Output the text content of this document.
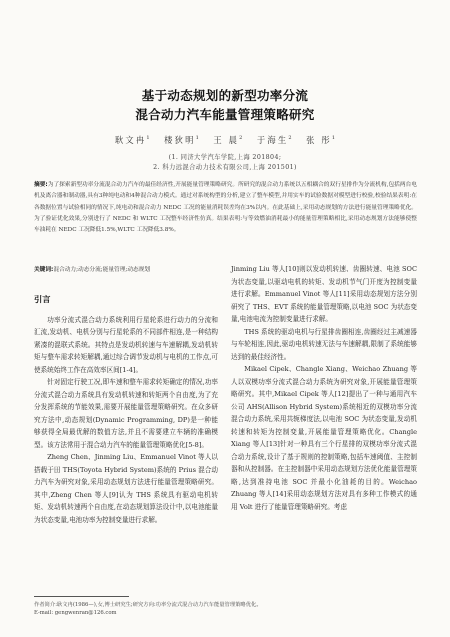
基于动态规划的新型功率分流
混合动力汽车能量管理策略研究
耿文冉$^1$ 楼狄明$^1$ 王 晨$^2$ 于海生$^2$ 张 彤$^1$
(1. 同济大学汽车学院,上海 201804;
2. 科力远混合动力技术有限公司,上海 201501)
摘要:为了探索新型功率分流混合动力汽车的最佳经济性,开展能量管理策略研究。所研究的混合动力系统以五相耦合的双行星排作为分流机构,包括两台电机及离合器和制动器,具有3种纯电动和4种混合动力模式。通过对系统构型的分析,建立了整车模型,并用实车的试验数据对模型进行校验,校验结果表明:在各数据位置与试验相同的情况下,纯电动和混合动力 NEDC 工况的能量消耗误差均在3%以内。在此基础上,采用动态规划的方法进行能量管理策略优化。为了验证优化效果,分别进行了 NEDC 和 WLTC 工况整车经济性仿真。结果表明:与等效燃油消耗最小的能量管理策略相比,采用动态规划方法能够使整车油耗在 NEDC 工况降低1.5%,WLTC 工况降低3.8%。
关键词:混合动力;动态分流;能量管理;动态规划
引言

功率分流式混合动力系统利用行星轮系进行动力的分流和汇流,发动机、电机分别与行星轮系的不同部件相连,是一种结构紧凑的混联式系统。其特点是发动机转速与车速解耦,发动机转矩与整车需求转矩解耦,通过综合调节发动机与电机的工作点,可使系统始终工作在高效率区间[1-4]。

针对固定行驶工况,即车速和整车需求转矩确定的情况,功率分流式混合动力系统具有发动机转速和转矩两个自由度,为了充分发挥系统的节能效果,需要开展能量管理策略研究。在众多研究方法中,动态规划(Dynamic Programming, DP)是一种能够获得全局最优解的数值方法,并且不需要建立车辆的准确模型。该方法常用于混合动力汽车的能量管理策略优化[5-8]。

Zheng Chen、Jinming Liu、Emmanuel Vinot 等人以搭载于田 THS(Toyota Hybrid System)系统的 Prius 混合动力汽车为研究对象,采用动态规划方法进行能量管理策略研究。其中,Zheng Chen 等人[9]认为 THS 系统具有驱动电机转矩、发动机转速两个自由度,在动态规划算法设计中,以电池能量为状态变量,电池功率为控制变量进行求解。

Jinming Liu 等人[10]则以发动机转速、齿圈转速、电池 SOC 为状态变量,以驱动电机的转矩、发动机节气门开度为控制变量进行求解。Emmanuel Vinot 等人[11]采用动态规划方法分别研究了 THS、EVT 系统的能量管理策略,以电池 SOC 为状态变量,电池电流为控制变量进行求解。

THS 系统的驱动电机与行星排齿圈相连,齿圈经过主减速器与车轮相连,因此,驱动电机转速无法与车速解耦,限制了系统能够达到的最佳经济性。

Mikael Cipek、Changle Xiang、Weichao Zhuang 等人以双模功率分流式混合动力系统为研究对象,开展能量管理策略研究。其中,Mikael Cipek 等人[12]提出了一种与通用汽车公司 AHS(Allison Hybrid System)系统相近的双模功率分流混合动力系统,采用共轭梯度法,以电池 SOC 为状态变量,发动机转速和转矩为控制变量,开展能量管理策略优化。Changle Xiang 等人[13]针对一种具有三个行星排的双模功率分流式混合动力系统,设计了基于规则的控制策略,包括车速阈值、主控制器和从控制器。在主控制器中采用动态规划方法优化能量管理策略,达到准持电池 SOC 并最小化油耗的目的。Weichao Zhuang 等人[14]采用动态规划方法对具有多种工作模式的通用 Volt 进行了能量管理策略研究。考虑

作者简介:耿文冉(1986—),女,博士研究生;研究方向:功率分流式混合动力汽车能量管理策略优化。
E-mail: gengwenran@126.com
